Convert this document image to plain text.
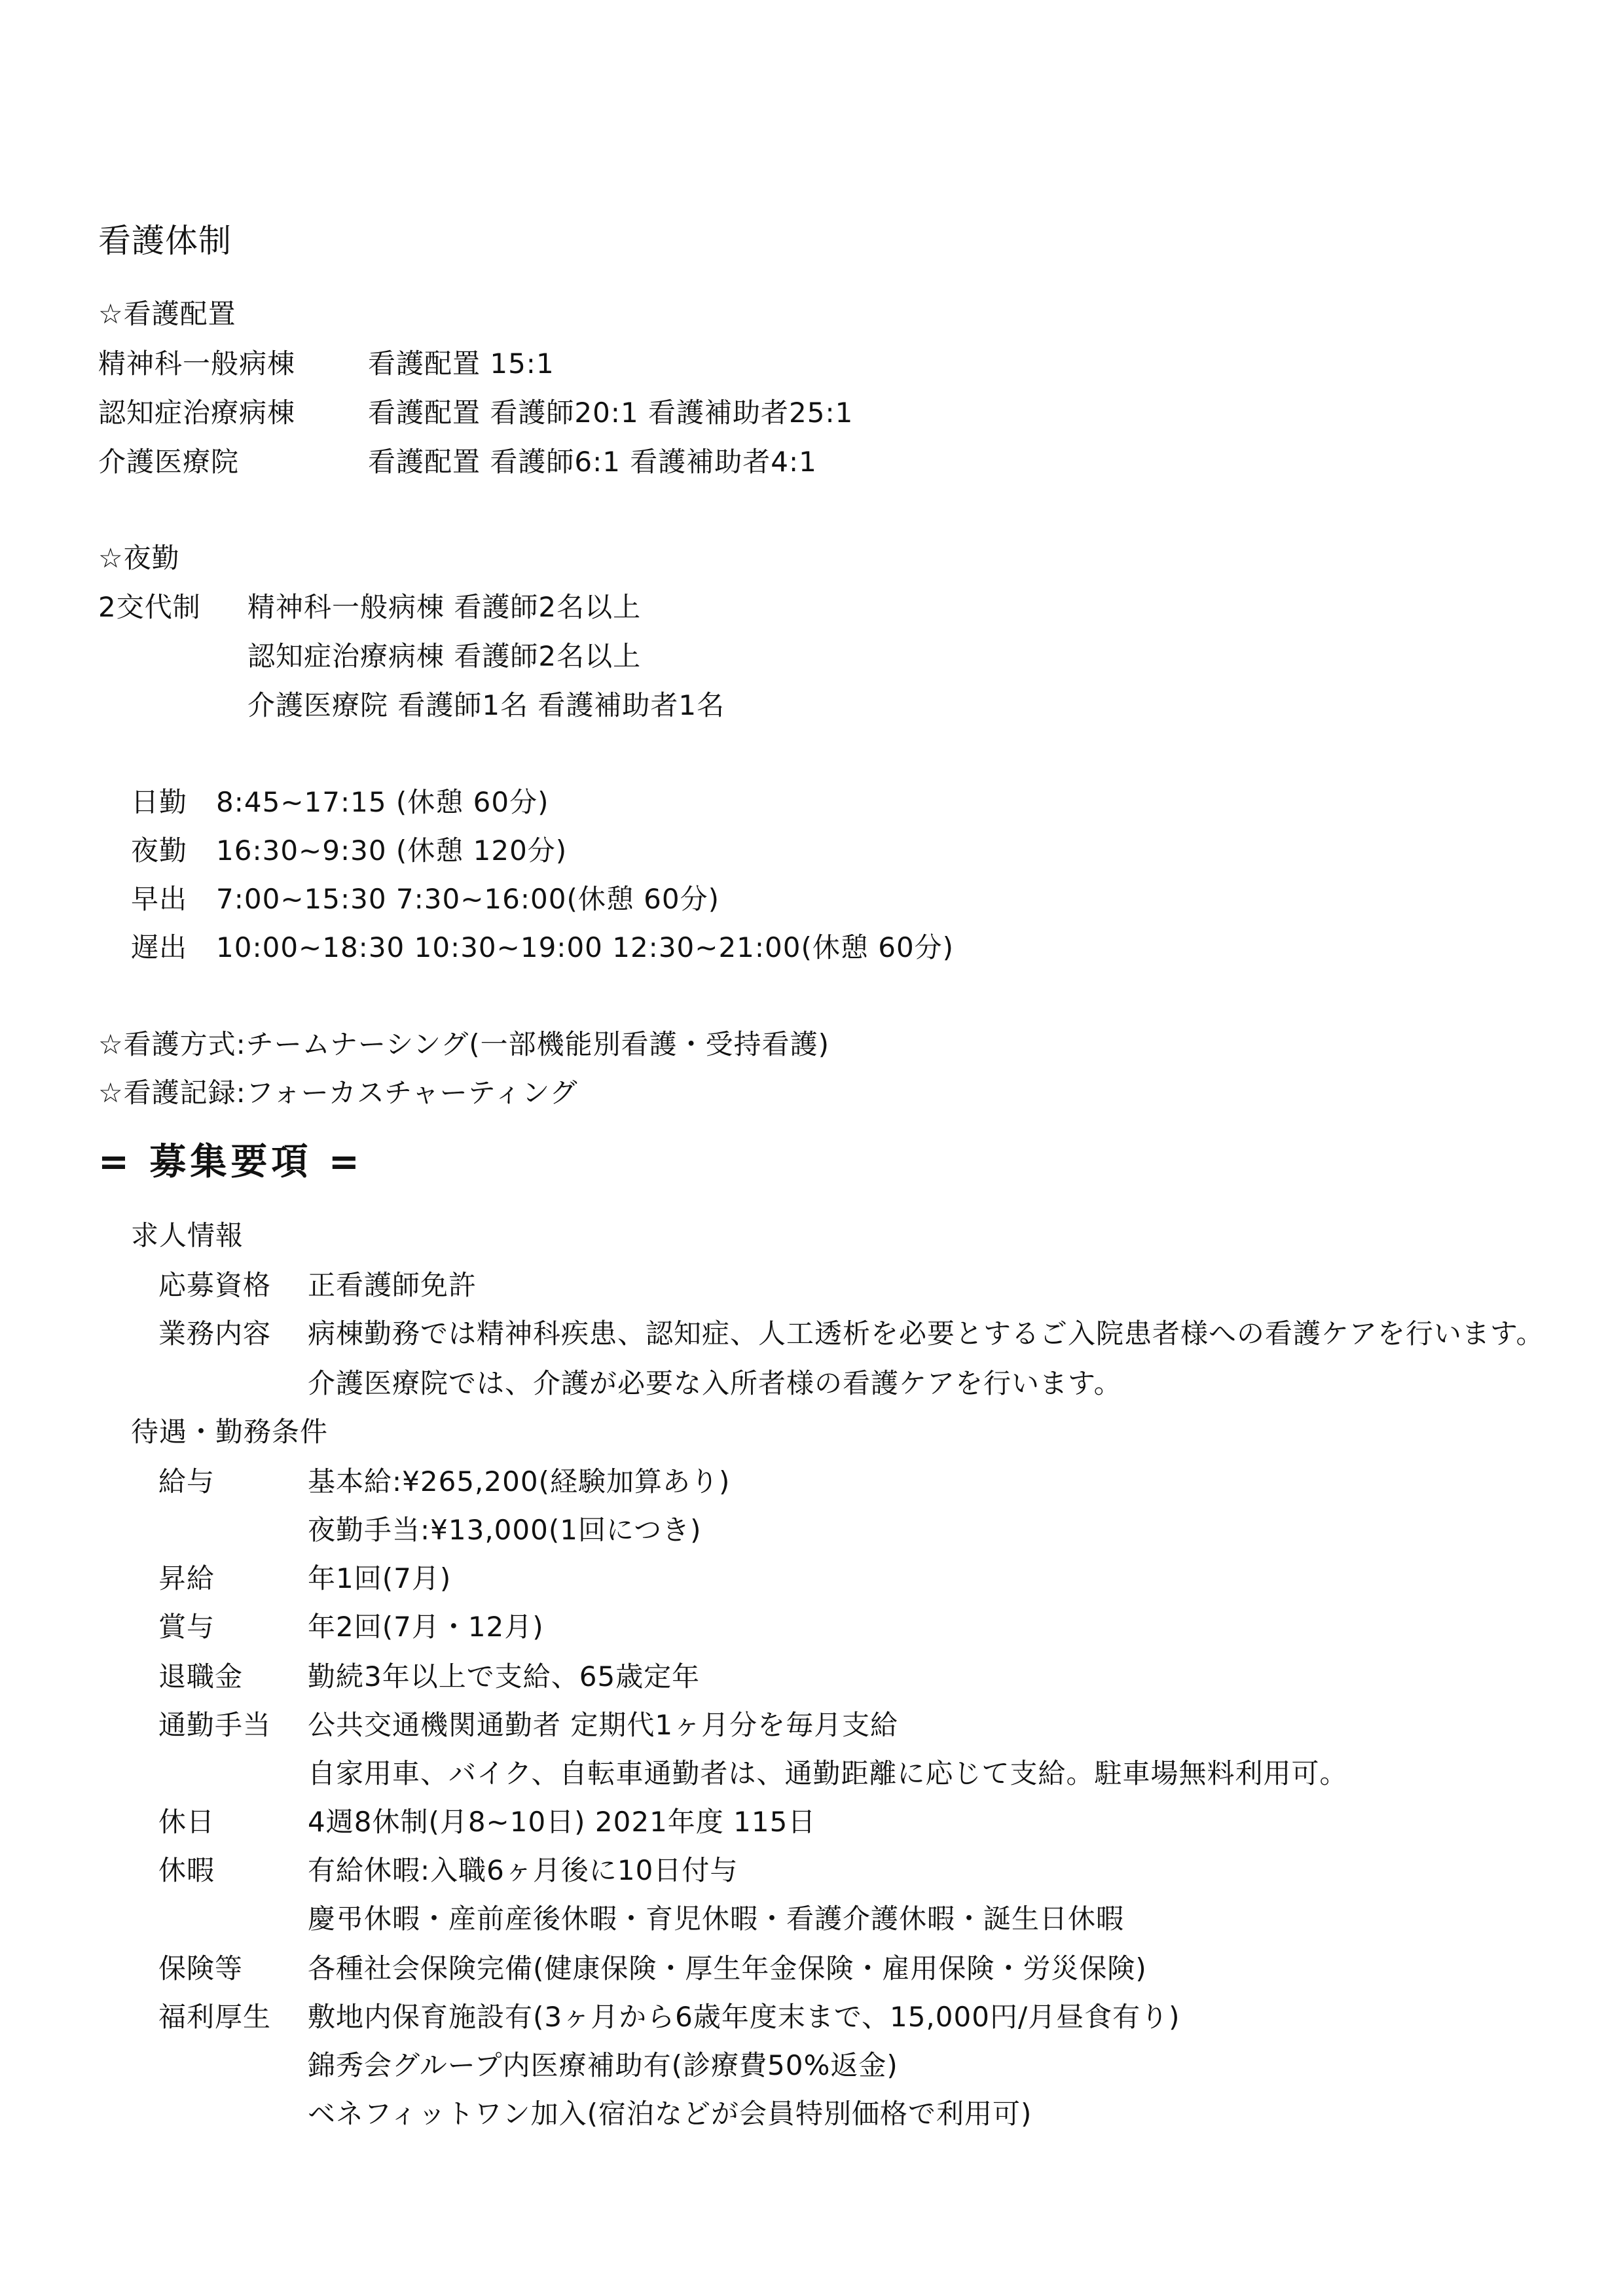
看護体制
☆看護配置
精神科一般病棟	看護配置 15:1
認知症治療病棟	看護配置 看護師20:1 看護補助者25:1
介護医療院	看護配置 看護師6:1 看護補助者4:1
☆夜勤
2交代制 精神科一般病棟 看護師2名以上
認知症治療病棟 看護師2名以上
介護医療院 看護師1名 看護補助者1名
日勤 8:45~17:15 (休憩 60分)
夜勤 16:30~9:30 (休憩 120分)
早出 7:00~15:30 7:30~16:00(休憩 60分)
遅出 10:00~18:30 10:30~19:00 12:30~21:00(休憩 60分)
☆看護方式:チームナーシング(一部機能別看護・受持看護)
☆看護記録:フォーカスチャーティング
= 募集要項 =
求人情報
応募資格 正看護師免許
業務内容 病棟勤務では精神科疾患、認知症、人工透析を必要とするご入院患者様への看護ケアを行います。
介護医療院では、介護が必要な入所者様の看護ケアを行います。
待遇・勤務条件
給与	基本給:¥265,200(経験加算あり)
夜勤手当:¥13,000(1回につき)
昇給	年1回(7月)
賞与	年2回(7月・12月)
退職金 勤続3年以上で支給、65歳定年
通勤手当 公共交通機関通勤者 定期代1ヶ月分を毎月支給
自家用車、バイク、自転車通勤者は、通勤距離に応じて支給。駐車場無料利用可。
休日	4週8休制(月8~10日) 2021年度 115日
休暇	有給休暇:入職6ヶ月後に10日付与
慶弔休暇・産前産後休暇・育児休暇・看護介護休暇・誕生日休暇
保険等 各種社会保険完備(健康保険・厚生年金保険・雇用保険・労災保険)
福利厚生 敷地内保育施設有(3ヶ月から6歳年度末まで、15,000円/月昼食有り)
錦秀会グループ内医療補助有(診療費50%返金)
ベネフィットワン加入(宿泊などが会員特別価格で利用可)
